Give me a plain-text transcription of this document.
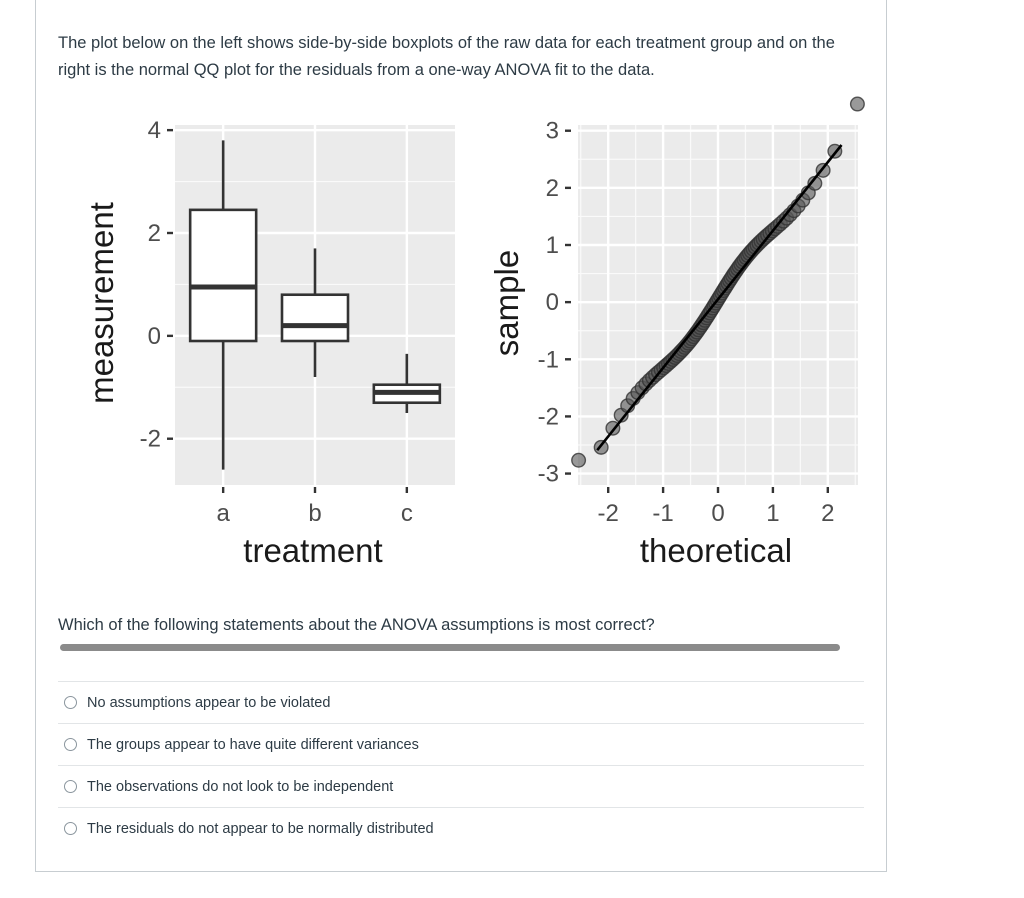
The plot below on the left shows side-by-side boxplots of the raw data for each treatment group and on the right is the normal QQ plot for the residuals from a one-way ANOVA fit to the data.

4
2
0
-2
a	b	c
treatment
measurement
3
2
1
0
-1
-2
-3
-2 -1 0 1 2
theoretical
sample

Which of the following statements about the ANOVA assumptions is most correct?

No assumptions appear to be violated
The groups appear to have quite different variances
The observations do not look to be independent
The residuals do not appear to be normally distributed
